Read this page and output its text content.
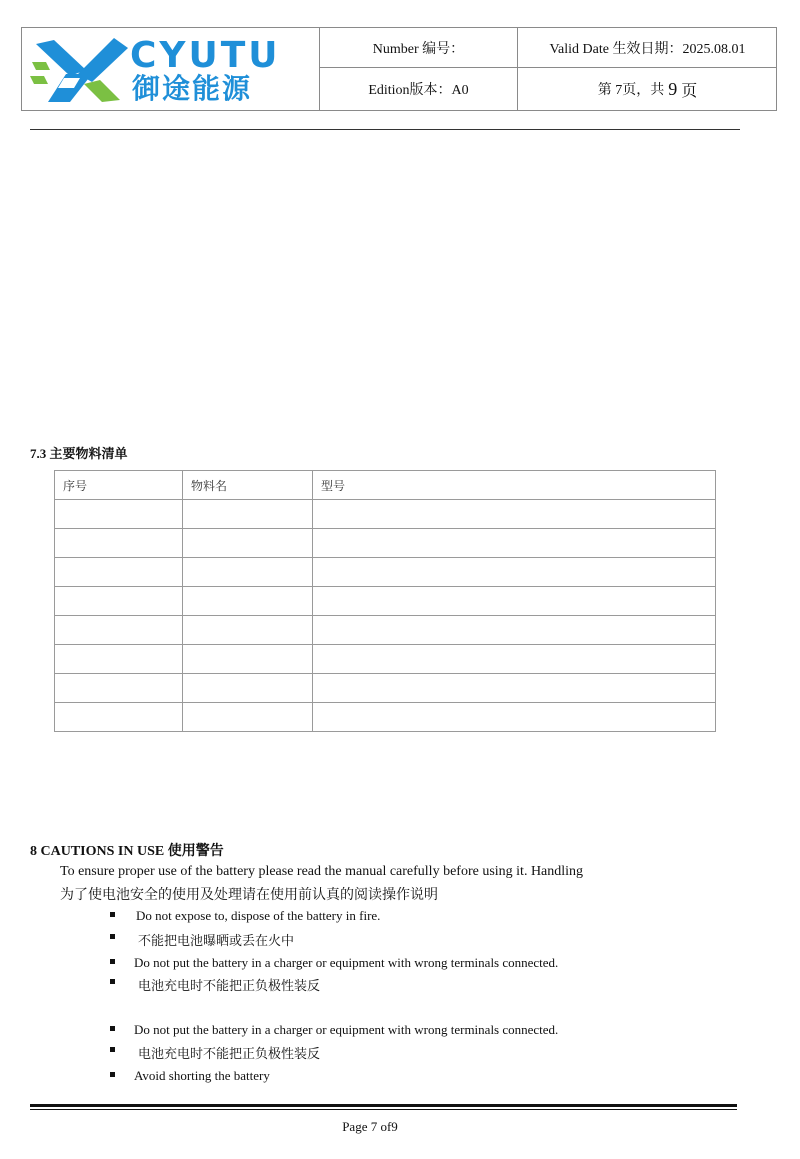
CYUTU
御途能源
Number 编号：	Valid Date 生效日期：2025.08.01
Edition版本：A0	第 7页，共 9 页
7.3 主要物料清单
序号	物料名	型号

8 CAUTIONS IN USE 使用警告
To ensure proper use of the battery please read the manual carefully before using it. Handling
为了使电池安全的使用及处理请在使用前认真的阅读操作说明
Do not expose to, dispose of the battery in fire.
不能把电池曝晒或丢在火中
Do not put the battery in a charger or equipment with wrong terminals connected.
电池充电时不能把正负极性装反
Do not put the battery in a charger or equipment with wrong terminals connected.
电池充电时不能把正负极性装反
Avoid shorting the battery
Page 7 of9
